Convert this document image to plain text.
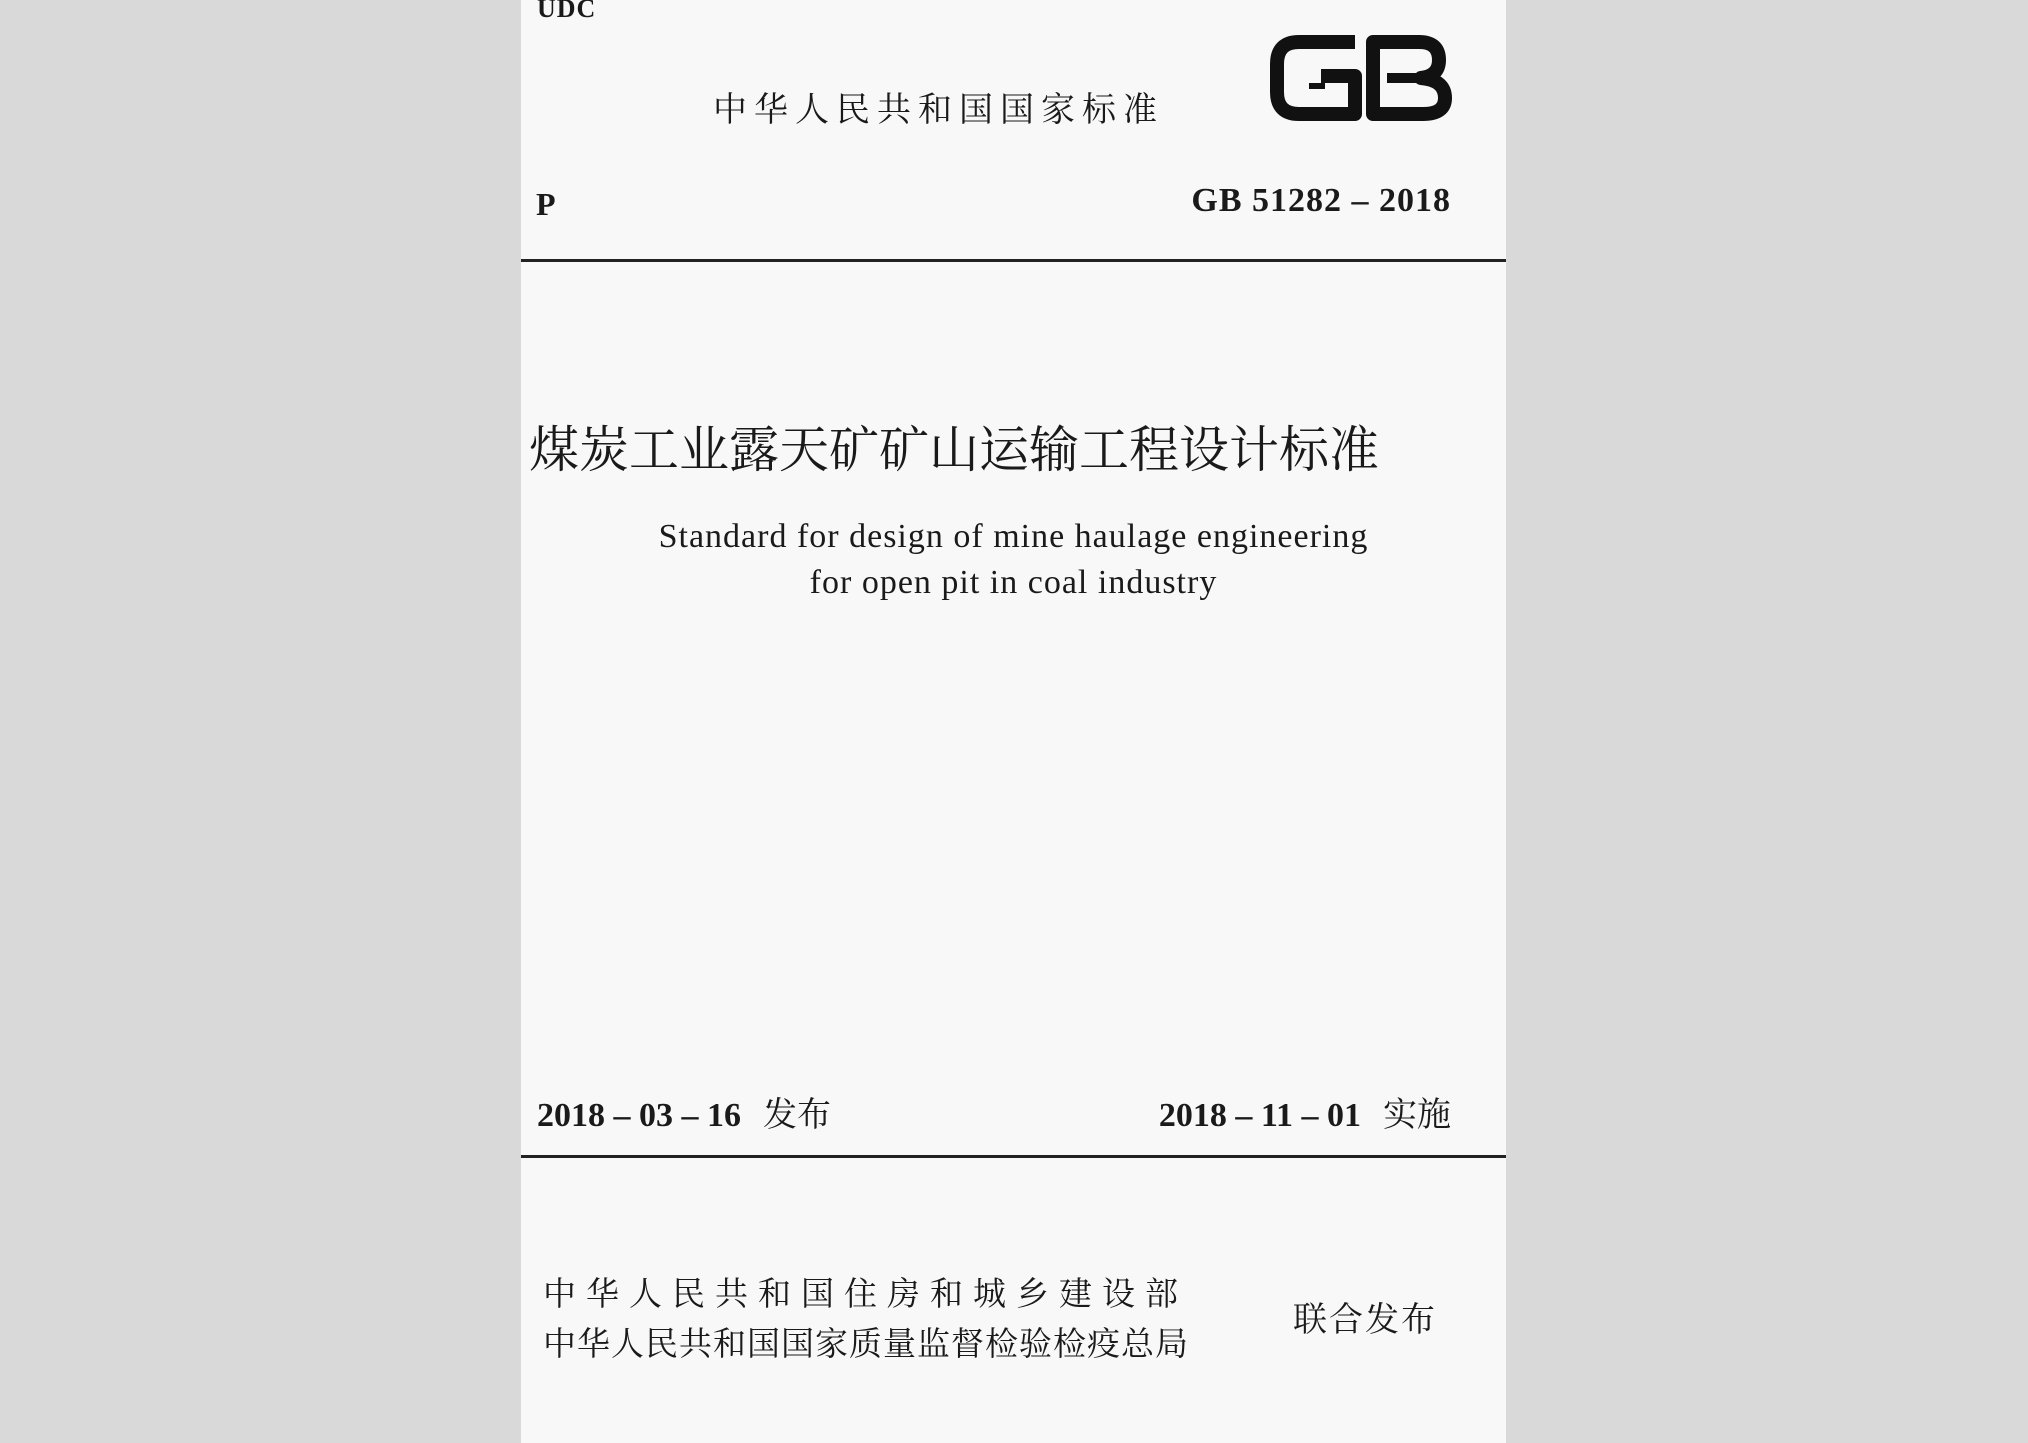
UDC
中华人民共和国国家标准
P	GB 51282 – 2018
煤炭工业露天矿矿山运输工程设计标准
Standard for design of mine haulage engineering
for open pit in coal industry
2018 – 03 – 16 发布	2018 – 11 – 01 实施
中华人民共和国住房和城乡建设部
中华人民共和国国家质量监督检验检疫总局
联合发布
